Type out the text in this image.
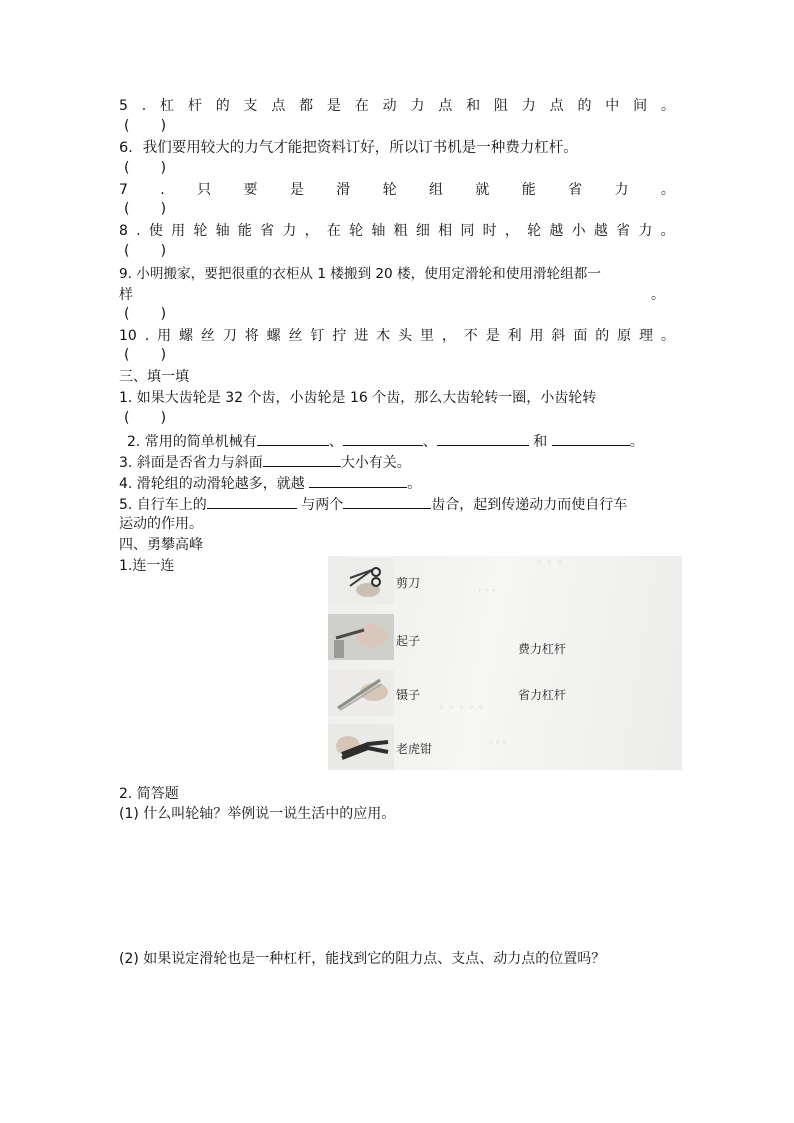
5 . 杠 杆 的 支 点 都 是 在 动 力 点 和 阻 力 点 的 中 间 。
( )
6．我们要用较大的力气才能把资料订好，所以订书机是一种费力杠杆。
( )
7 . 只 要 是 滑 轮 组 就 能 省 力 。
( )
8 . 使 用 轮 轴 能 省 力 ， 在 轮 轴 粗 细 相 同 时 ， 轮 越 小 越 省 力 。
( )
9. 小明搬家，要把很重的衣柜从 1 楼搬到 20 楼，使用定滑轮和使用滑轮组都一
样	。
( )
10 . 用 螺 丝 刀 将 螺 丝 钉 拧 进 木 头 里 ， 不 是 利 用 斜 面 的 原 理 。
( )
三、填一填
1. 如果大齿轮是 32 个齿，小齿轮是 16 个齿，那么大齿轮转一圈，小齿轮转
( )
2. 常用的简单机械有	、	、	和	。
3. 斜面是否省力与斜面	大小有关。
4. 滑轮组的动滑轮越多，就越	。
5. 自行车上的	与两个	齿合，起到传递动力而使自行车
运动的作用。
四、勇攀高峰
1.连一连	◦ ◦ ◦
· · ·
◦ ◦ ◦ ◦ ◦
◦◦◦
剪刀
起子
费力杠杆
镊子	省力杠杆
老虎钳
2. 简答题
(1) 什么叫轮轴？举例说一说生活中的应用。
(2) 如果说定滑轮也是一种杠杆，能找到它的阻力点、支点、动力点的位置吗？
